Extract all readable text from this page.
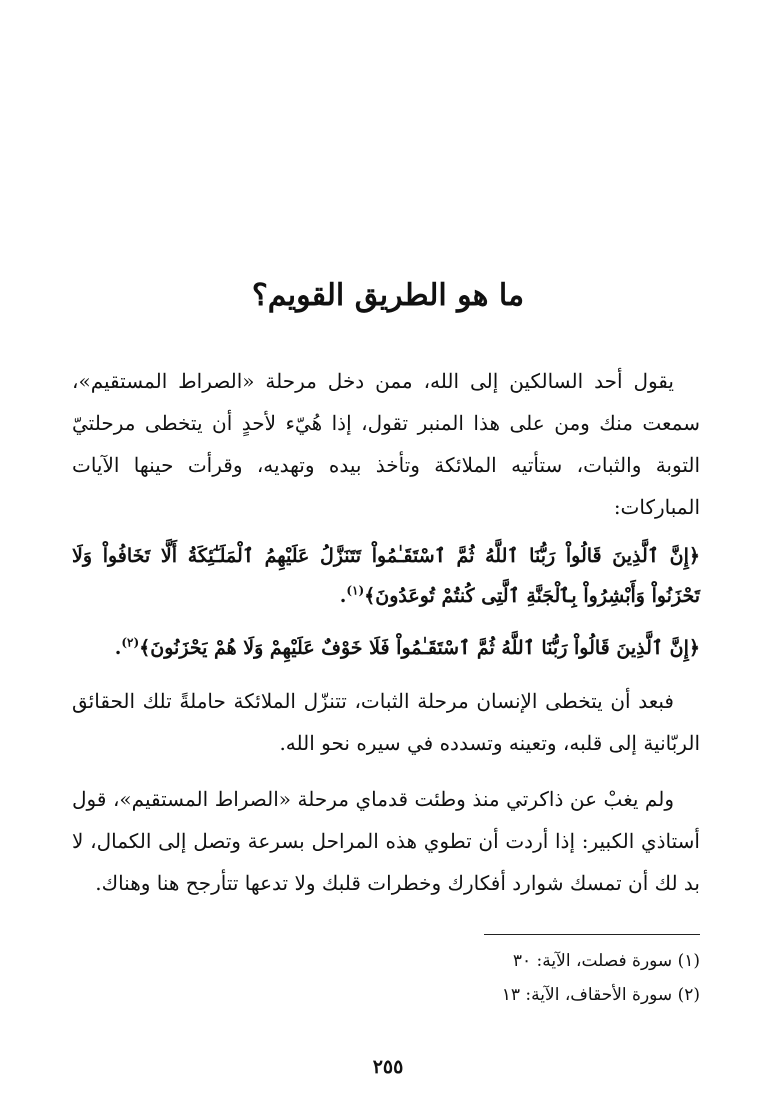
ما هو الطريق القويم؟

يقول أحد السالكين إلى الله، ممن دخل مرحلة «الصراط المستقيم»، سمعت منك ومن على هذا المنبر تقول، إذا هُيّء لأحدٍ أن يتخطى مرحلتيّ التوبة والثبات، ستأتيه الملائكة وتأخذ بيده وتهديه، وقرأت حينها الآيات المباركات:

﴿إِنَّ ٱلَّذِينَ قَالُواْ رَبُّنَا ٱللَّهُ ثُمَّ ٱسْتَقَـٰمُواْ تَتَنَزَّلُ عَلَيْهِمُ ٱلْمَلَـٰٓئِكَةُ أَلَّا تَخَافُواْ وَلَا تَحْزَنُواْ وَأَبْشِرُواْ بِٱلْجَنَّةِ ٱلَّتِى كُنتُمْ تُوعَدُونَ﴾$^{(١)}$.

﴿إِنَّ ٱلَّذِينَ قَالُواْ رَبُّنَا ٱللَّهُ ثُمَّ ٱسْتَقَـٰمُواْ فَلَا خَوْفٌ عَلَيْهِمْ وَلَا هُمْ يَحْزَنُونَ﴾$^{(٢)}$.

فبعد أن يتخطى الإنسان مرحلة الثبات، تتنزّل الملائكة حاملةً تلك الحقائق الربّانية إلى قلبه، وتعينه وتسدده في سيره نحو الله.

ولم يغبْ عن ذاكرتي منذ وطئت قدماي مرحلة «الصراط المستقيم»، قول أستاذي الكبير: إذا أردت أن تطوي هذه المراحل بسرعة وتصل إلى الكمال، لا بد لك أن تمسك شوارد أفكارك وخطرات قلبك ولا تدعها تتأرجح هنا وهناك.

(١) سورة فصلت، الآية: ٣٠

(٢) سورة الأحقاف، الآية: ١٣

٢٥٥
